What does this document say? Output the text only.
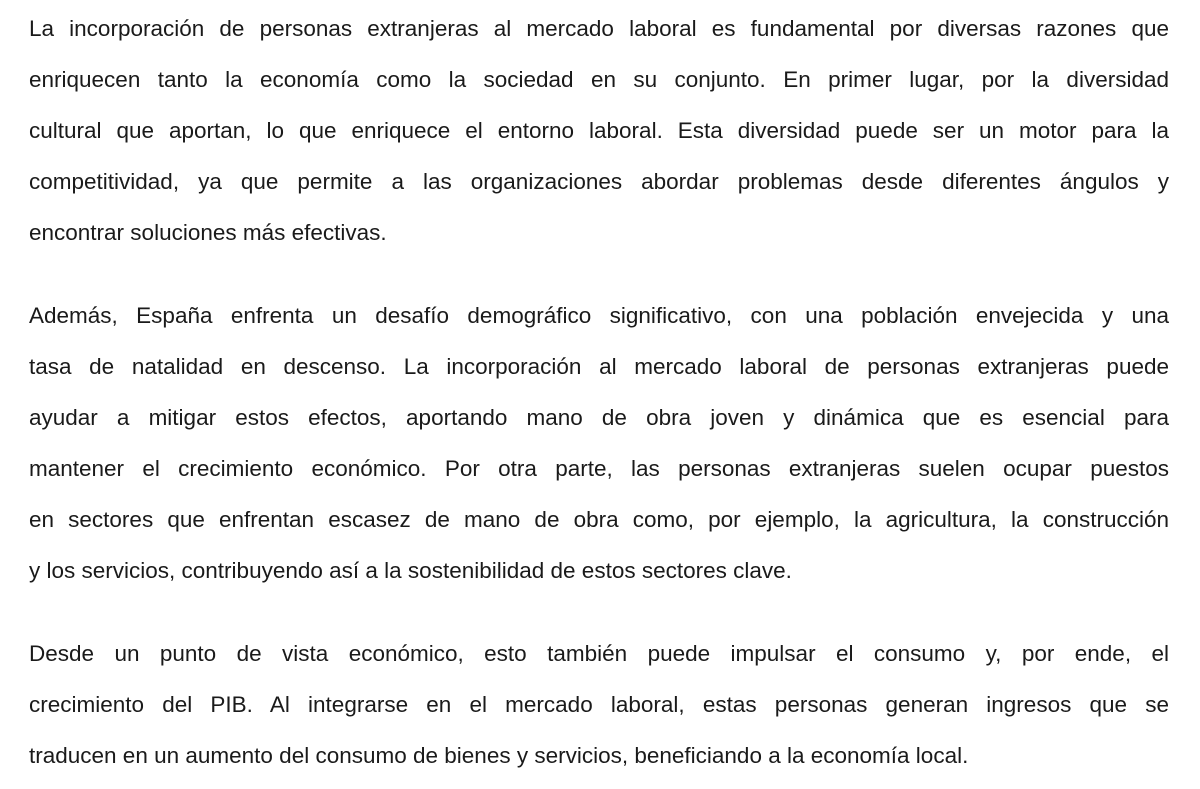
La incorporación de personas extranjeras al mercado laboral es fundamental por diversas razones que
enriquecen tanto la economía como la sociedad en su conjunto. En primer lugar, por la diversidad
cultural que aportan, lo que enriquece el entorno laboral. Esta diversidad puede ser un motor para la
competitividad, ya que permite a las organizaciones abordar problemas desde diferentes ángulos y
encontrar soluciones más efectivas.

Además, España enfrenta un desafío demográfico significativo, con una población envejecida y una
tasa de natalidad en descenso. La incorporación al mercado laboral de personas extranjeras puede
ayudar a mitigar estos efectos, aportando mano de obra joven y dinámica que es esencial para
mantener el crecimiento económico. Por otra parte, las personas extranjeras suelen ocupar puestos
en sectores que enfrentan escasez de mano de obra como, por ejemplo, la agricultura, la construcción
y los servicios, contribuyendo así a la sostenibilidad de estos sectores clave.

Desde un punto de vista económico, esto también puede impulsar el consumo y, por ende, el
crecimiento del PIB. Al integrarse en el mercado laboral, estas personas generan ingresos que se
traducen en un aumento del consumo de bienes y servicios, beneficiando a la economía local.
